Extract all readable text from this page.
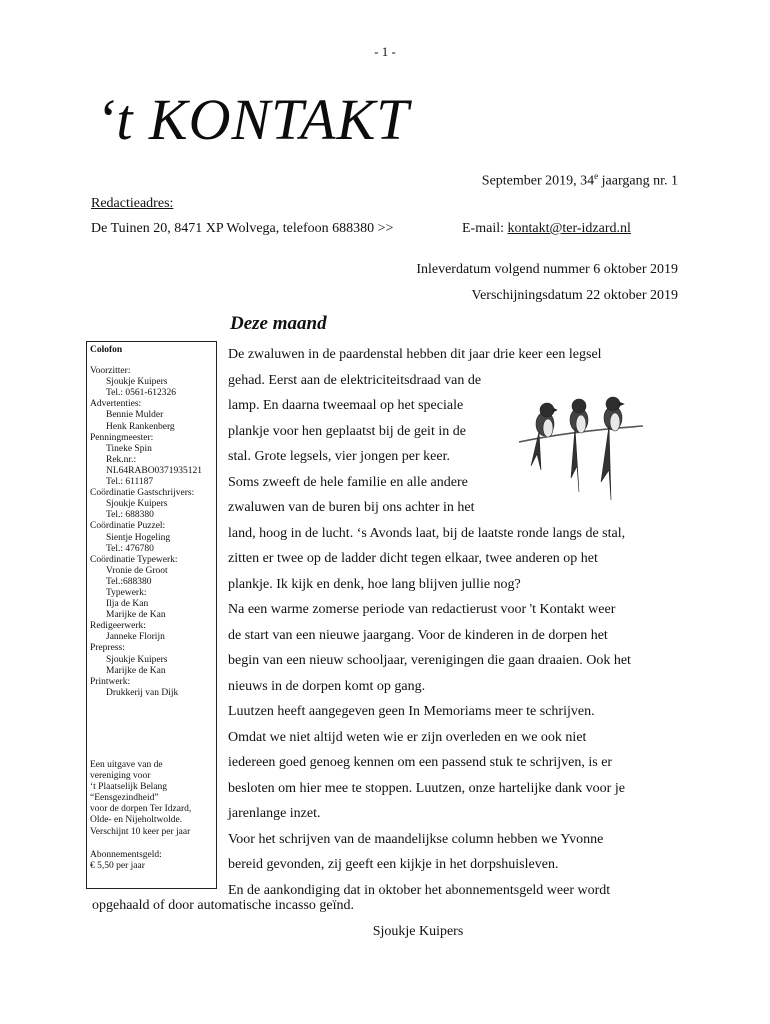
- 1 -
‘t KONTAKT
September 2019, 34e jaargang nr. 1
Redactieadres:
De Tuinen 20, 8471 XP Wolvega, telefoon 688380 >>	E-mail: kontakt@ter-idzard.nl
Inleverdatum volgend nummer 6 oktober 2019
Verschijningsdatum 22 oktober 2019
Deze maand
Colofon
Voorzitter:
Sjoukje Kuipers
Tel.: 0561-612326
Advertenties:
Bennie Mulder
Henk Rankenberg
Penningmeester:
Tineke Spin
Rek.nr.:
NL64RABO0371935121
Tel.: 611187
Coördinatie Gastschrijvers:
Sjoukje Kuipers
Tel.: 688380
Coördinatie Puzzel:
Sientje Hogeling
Tel.: 476780
Coördinatie Typewerk:
Vronie de Groot
Tel.:688380
Typewerk:
Ilja de Kan
Marijke de Kan
Redigeerwerk:
Janneke Florijn
Prepress:
Sjoukje Kuipers
Marijke de Kan
Printwerk:
Drukkerij van Dijk
Een uitgave van de
vereniging voor
‘t Plaatselijk Belang
“Eensgezindheid”
voor de dorpen Ter Idzard,
Olde- en Nijeholtwolde.
Verschijnt 10 keer per jaar
Abonnementsgeld:
€ 5,50 per jaar

De zwaluwen in de paardenstal hebben dit jaar drie keer een legsel

gehad. Eerst aan de elektriciteitsdraad van de

lamp. En daarna tweemaal op het speciale

plankje voor hen geplaatst bij de geit in de

stal. Grote legsels, vier jongen per keer.

Soms zweeft de hele familie en alle andere

zwaluwen van de buren bij ons achter in het

land, hoog in de lucht. ‘s Avonds laat, bij de laatste ronde langs de stal,

zitten er twee op de ladder dicht tegen elkaar, twee anderen op het

plankje. Ik kijk en denk, hoe lang blijven jullie nog?

Na een warme zomerse periode van redactierust voor 't Kontakt weer

de start van een nieuwe jaargang. Voor de kinderen in de dorpen het

begin van een nieuw schooljaar, verenigingen die gaan draaien. Ook het

nieuws in de dorpen komt op gang.

Luutzen heeft aangegeven geen In Memoriams meer te schrijven.

Omdat we niet altijd weten wie er zijn overleden en we ook niet

iedereen goed genoeg kennen om een passend stuk te schrijven, is er

besloten om hier mee te stoppen. Luutzen, onze hartelijke dank voor je

jarenlange inzet.

Voor het schrijven van de maandelijkse column hebben we Yvonne

bereid gevonden, zij geeft een kijkje in het dorpshuisleven.

En de aankondiging dat in oktober het abonnementsgeld weer wordt

opgehaald of door automatische incasso geïnd.
Sjoukje Kuipers
